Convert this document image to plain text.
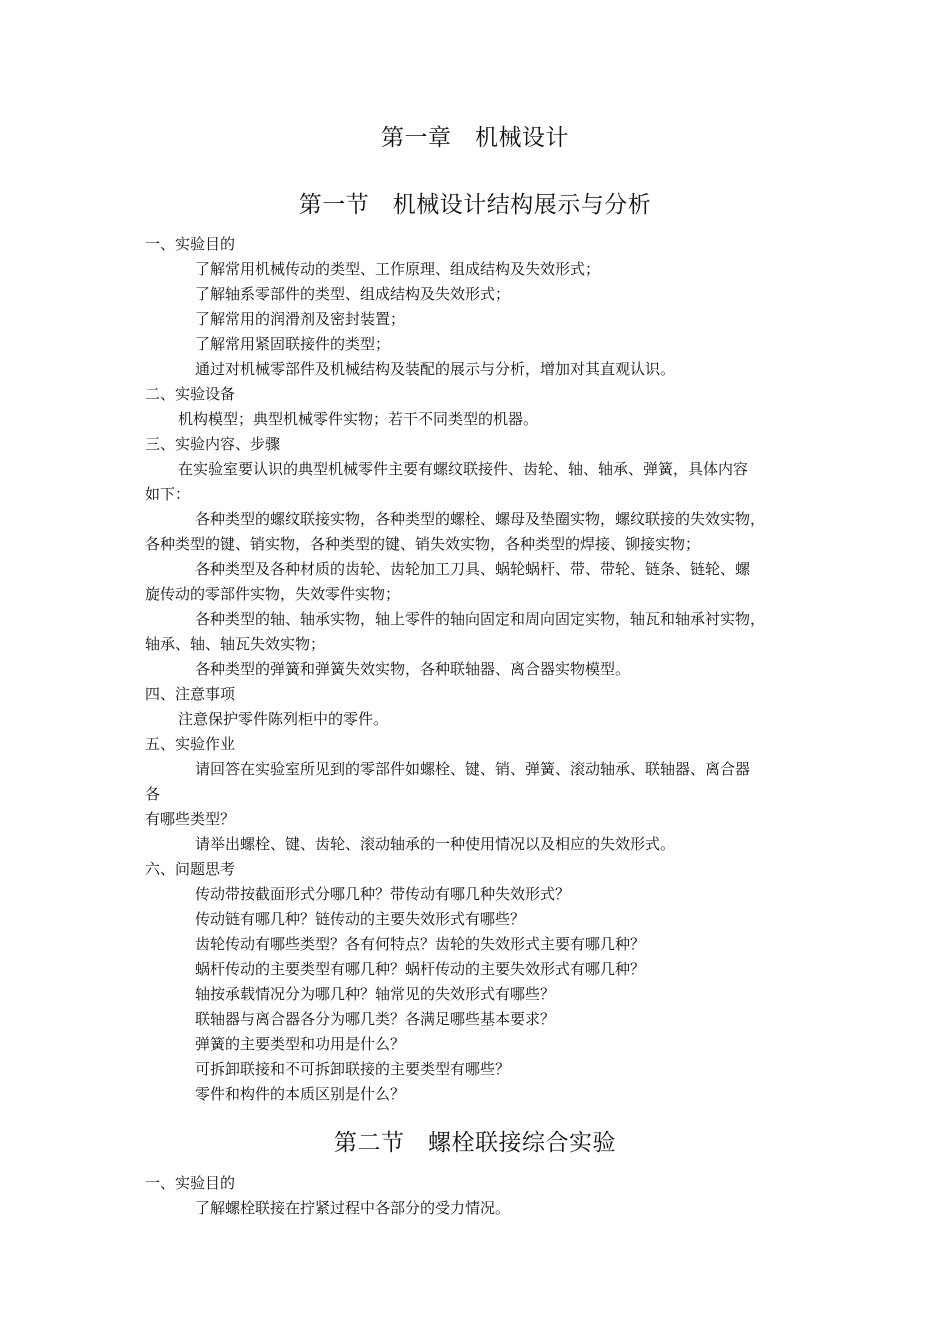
第一章　机械设计
第一节　机械设计结构展示与分析
一、实验目的
了解常用机械传动的类型、工作原理、组成结构及失效形式；
了解轴系零部件的类型、组成结构及失效形式；
了解常用的润滑剂及密封装置；
了解常用紧固联接件的类型；
通过对机械零部件及机械结构及装配的展示与分析，增加对其直观认识。
二、实验设备
机构模型；典型机械零件实物；若干不同类型的机器。
三、实验内容、步骤
在实验室要认识的典型机械零件主要有螺纹联接件、齿轮、轴、轴承、弹簧，具体内容
如下：
各种类型的螺纹联接实物，各种类型的螺栓、螺母及垫圈实物，螺纹联接的失效实物，
各种类型的键、销实物，各种类型的键、销失效实物，各种类型的焊接、铆接实物；
各种类型及各种材质的齿轮、齿轮加工刀具、蜗轮蜗杆、带、带轮、链条、链轮、螺
旋传动的零部件实物，失效零件实物；
各种类型的轴、轴承实物，轴上零件的轴向固定和周向固定实物，轴瓦和轴承衬实物，
轴承、轴、轴瓦失效实物；
各种类型的弹簧和弹簧失效实物，各种联轴器、离合器实物模型。
四、注意事项
注意保护零件陈列柜中的零件。
五、实验作业
请回答在实验室所见到的零部件如螺栓、键、销、弹簧、滚动轴承、联轴器、离合器
各
有哪些类型？
请举出螺栓、键、齿轮、滚动轴承的一种使用情况以及相应的失效形式。
六、问题思考
传动带按截面形式分哪几种？带传动有哪几种失效形式？
传动链有哪几种？链传动的主要失效形式有哪些？
齿轮传动有哪些类型？各有何特点？齿轮的失效形式主要有哪几种？
蜗杆传动的主要类型有哪几种？蜗杆传动的主要失效形式有哪几种？
轴按承载情况分为哪几种？轴常见的失效形式有哪些？
联轴器与离合器各分为哪几类？各满足哪些基本要求？
弹簧的主要类型和功用是什么？
可拆卸联接和不可拆卸联接的主要类型有哪些？
零件和构件的本质区别是什么？
第二节　螺栓联接综合实验
一、实验目的
了解螺栓联接在拧紧过程中各部分的受力情况。
